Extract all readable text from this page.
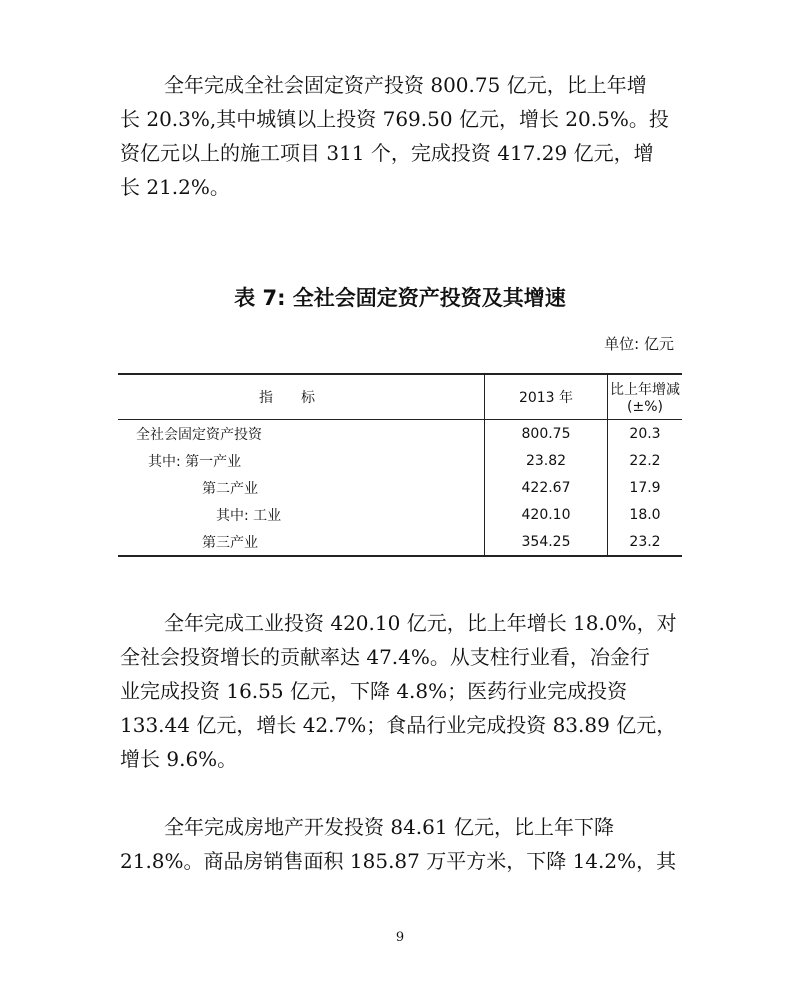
全年完成全社会固定资产投资 800.75 亿元，比上年增
长 20.3%,其中城镇以上投资 769.50 亿元，增长 20.5%。投
资亿元以上的施工项目 311 个，完成投资 417.29 亿元，增
长 21.2%。

表 7: 全社会固定资产投资及其增速
单位: 亿元
指标	2013 年	比上年增减(±%)
全社会固定资产投资	800.75	20.3
其中: 第一产业	23.82	22.2
第二产业	422.67	17.9
其中: 工业	420.10	18.0
第三产业	354.25	23.2

全年完成工业投资 420.10 亿元，比上年增长 18.0%，对
全社会投资增长的贡献率达 47.4%。从支柱行业看，冶金行
业完成投资 16.55 亿元，下降 4.8%；医药行业完成投资
133.44 亿元，增长 42.7%；食品行业完成投资 83.89 亿元，
增长 9.6%。

全年完成房地产开发投资 84.61 亿元，比上年下降
21.8%。商品房销售面积 185.87 万平方米，下降 14.2%，其

9
